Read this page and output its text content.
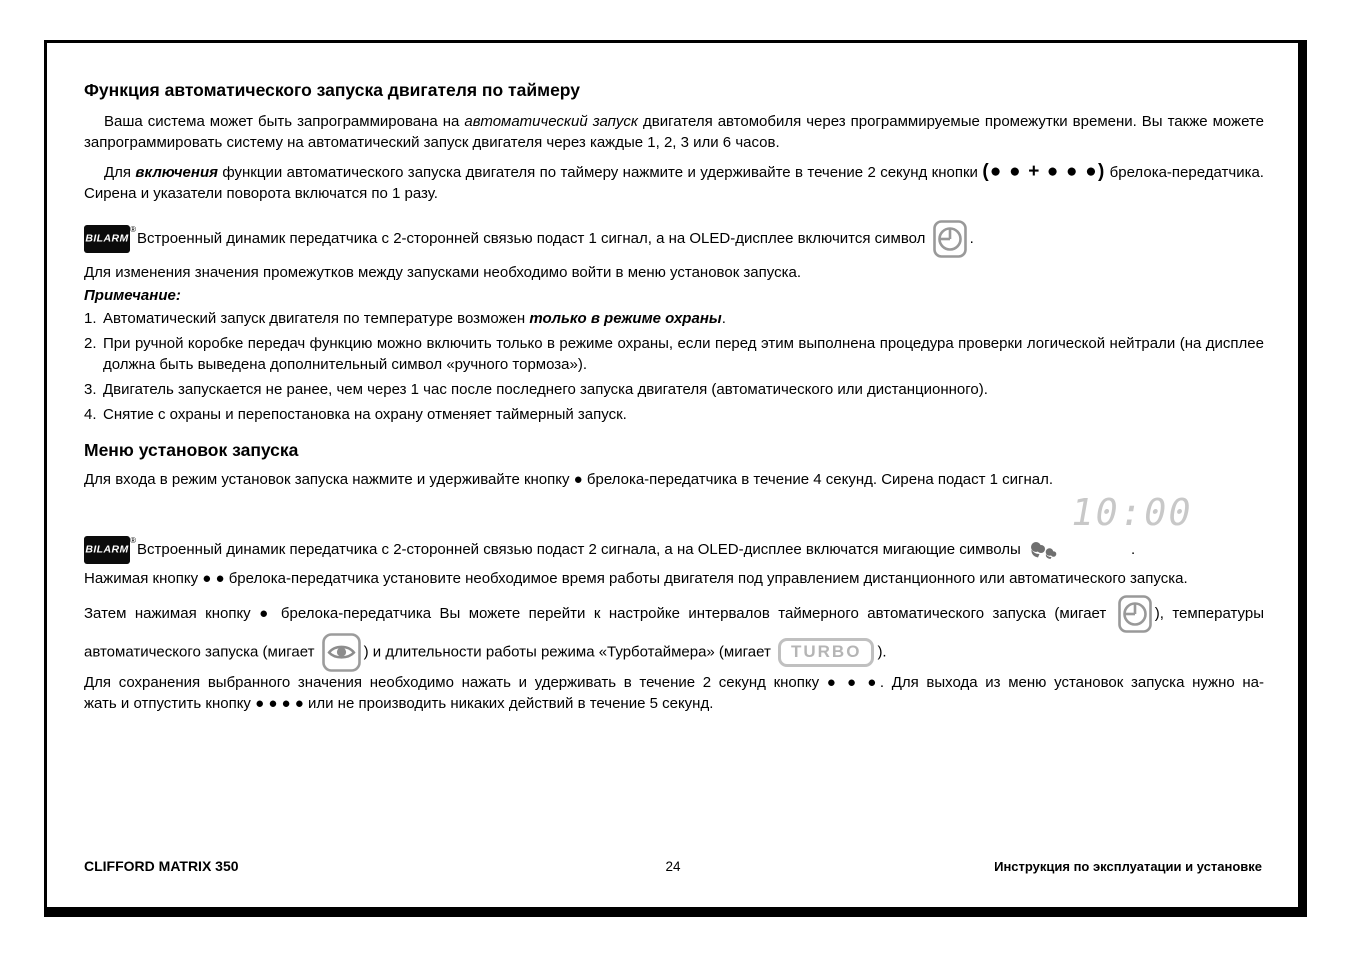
Функция автоматического запуска двигателя по таймеру

Ваша система может быть запрограммирована на автоматический запуск двигателя автомобиля через программируемые промежутки времени. Вы также можете запрограммировать систему на автоматический запуск двигателя через каждые 1, 2, 3 или 6 часов.

Для включения функции автоматического запуска двигателя по таймеру нажмите и удерживайте в течение 2 секунд кнопки (● ● + ● ● ●) брелока-передатчика. Сирена и указатели поворота включатся по 1 разу.

BILARM
®
Встроенный динамик передатчика с 2-сторонней связью подаст 1 сигнал, а на OLED-дисплее включится символ	.

Для изменения значения промежутков между запусками необходимо войти в меню установок запуска.

Примечание:

1. Автоматический запуск двигателя по температуре возможен только в режиме охраны.
2. При ручной коробке передач функцию можно включить только в режиме охраны, если перед этим выполнена процедура проверки логической нейтрали (на дисплее должна быть выведена дополнительный символ «ручного тормоза»).
3. Двигатель запускается не ранее, чем через 1 час после последнего запуска двигателя (автоматического или дистанционного).
4. Снятие с охраны и перепостановка на охрану отменяет таймерный запуск.
Меню установок запуска

Для входа в режим установок запуска нажмите и удерживайте кнопку ● брелока-передатчика в течение 4 секунд. Сирена подаст 1 сигнал.

10:00

BILARM
®
Встроенный динамик передатчика с 2-сторонней связью подаст 2 сигнала, а на OLED-дисплее включатся мигающие символы	.

Нажимая кнопку ● ● брелока-передатчика установите необходимое время работы двигателя под управлением дистанционного или автоматического запуска.

Затем нажимая кнопку ● брелока-передатчика Вы можете перейти к настройке интервалов таймерного автоматического запуска (мигает	), температуры автоматического запуска (мигает	) и длительности работы режима «Турботаймера» (мигает TURBO ).

Для сохранения выбранного значения необходимо нажать и удерживать в течение 2 секунд кнопку ● ● ●. Для выхода из меню установок запуска нужно на-

жать и отпустить кнопку ● ● ● ● или не производить никаких действий в течение 5 секунд.

CLIFFORD MATRIX 350	24	Инструкция по эксплуатации и установке
